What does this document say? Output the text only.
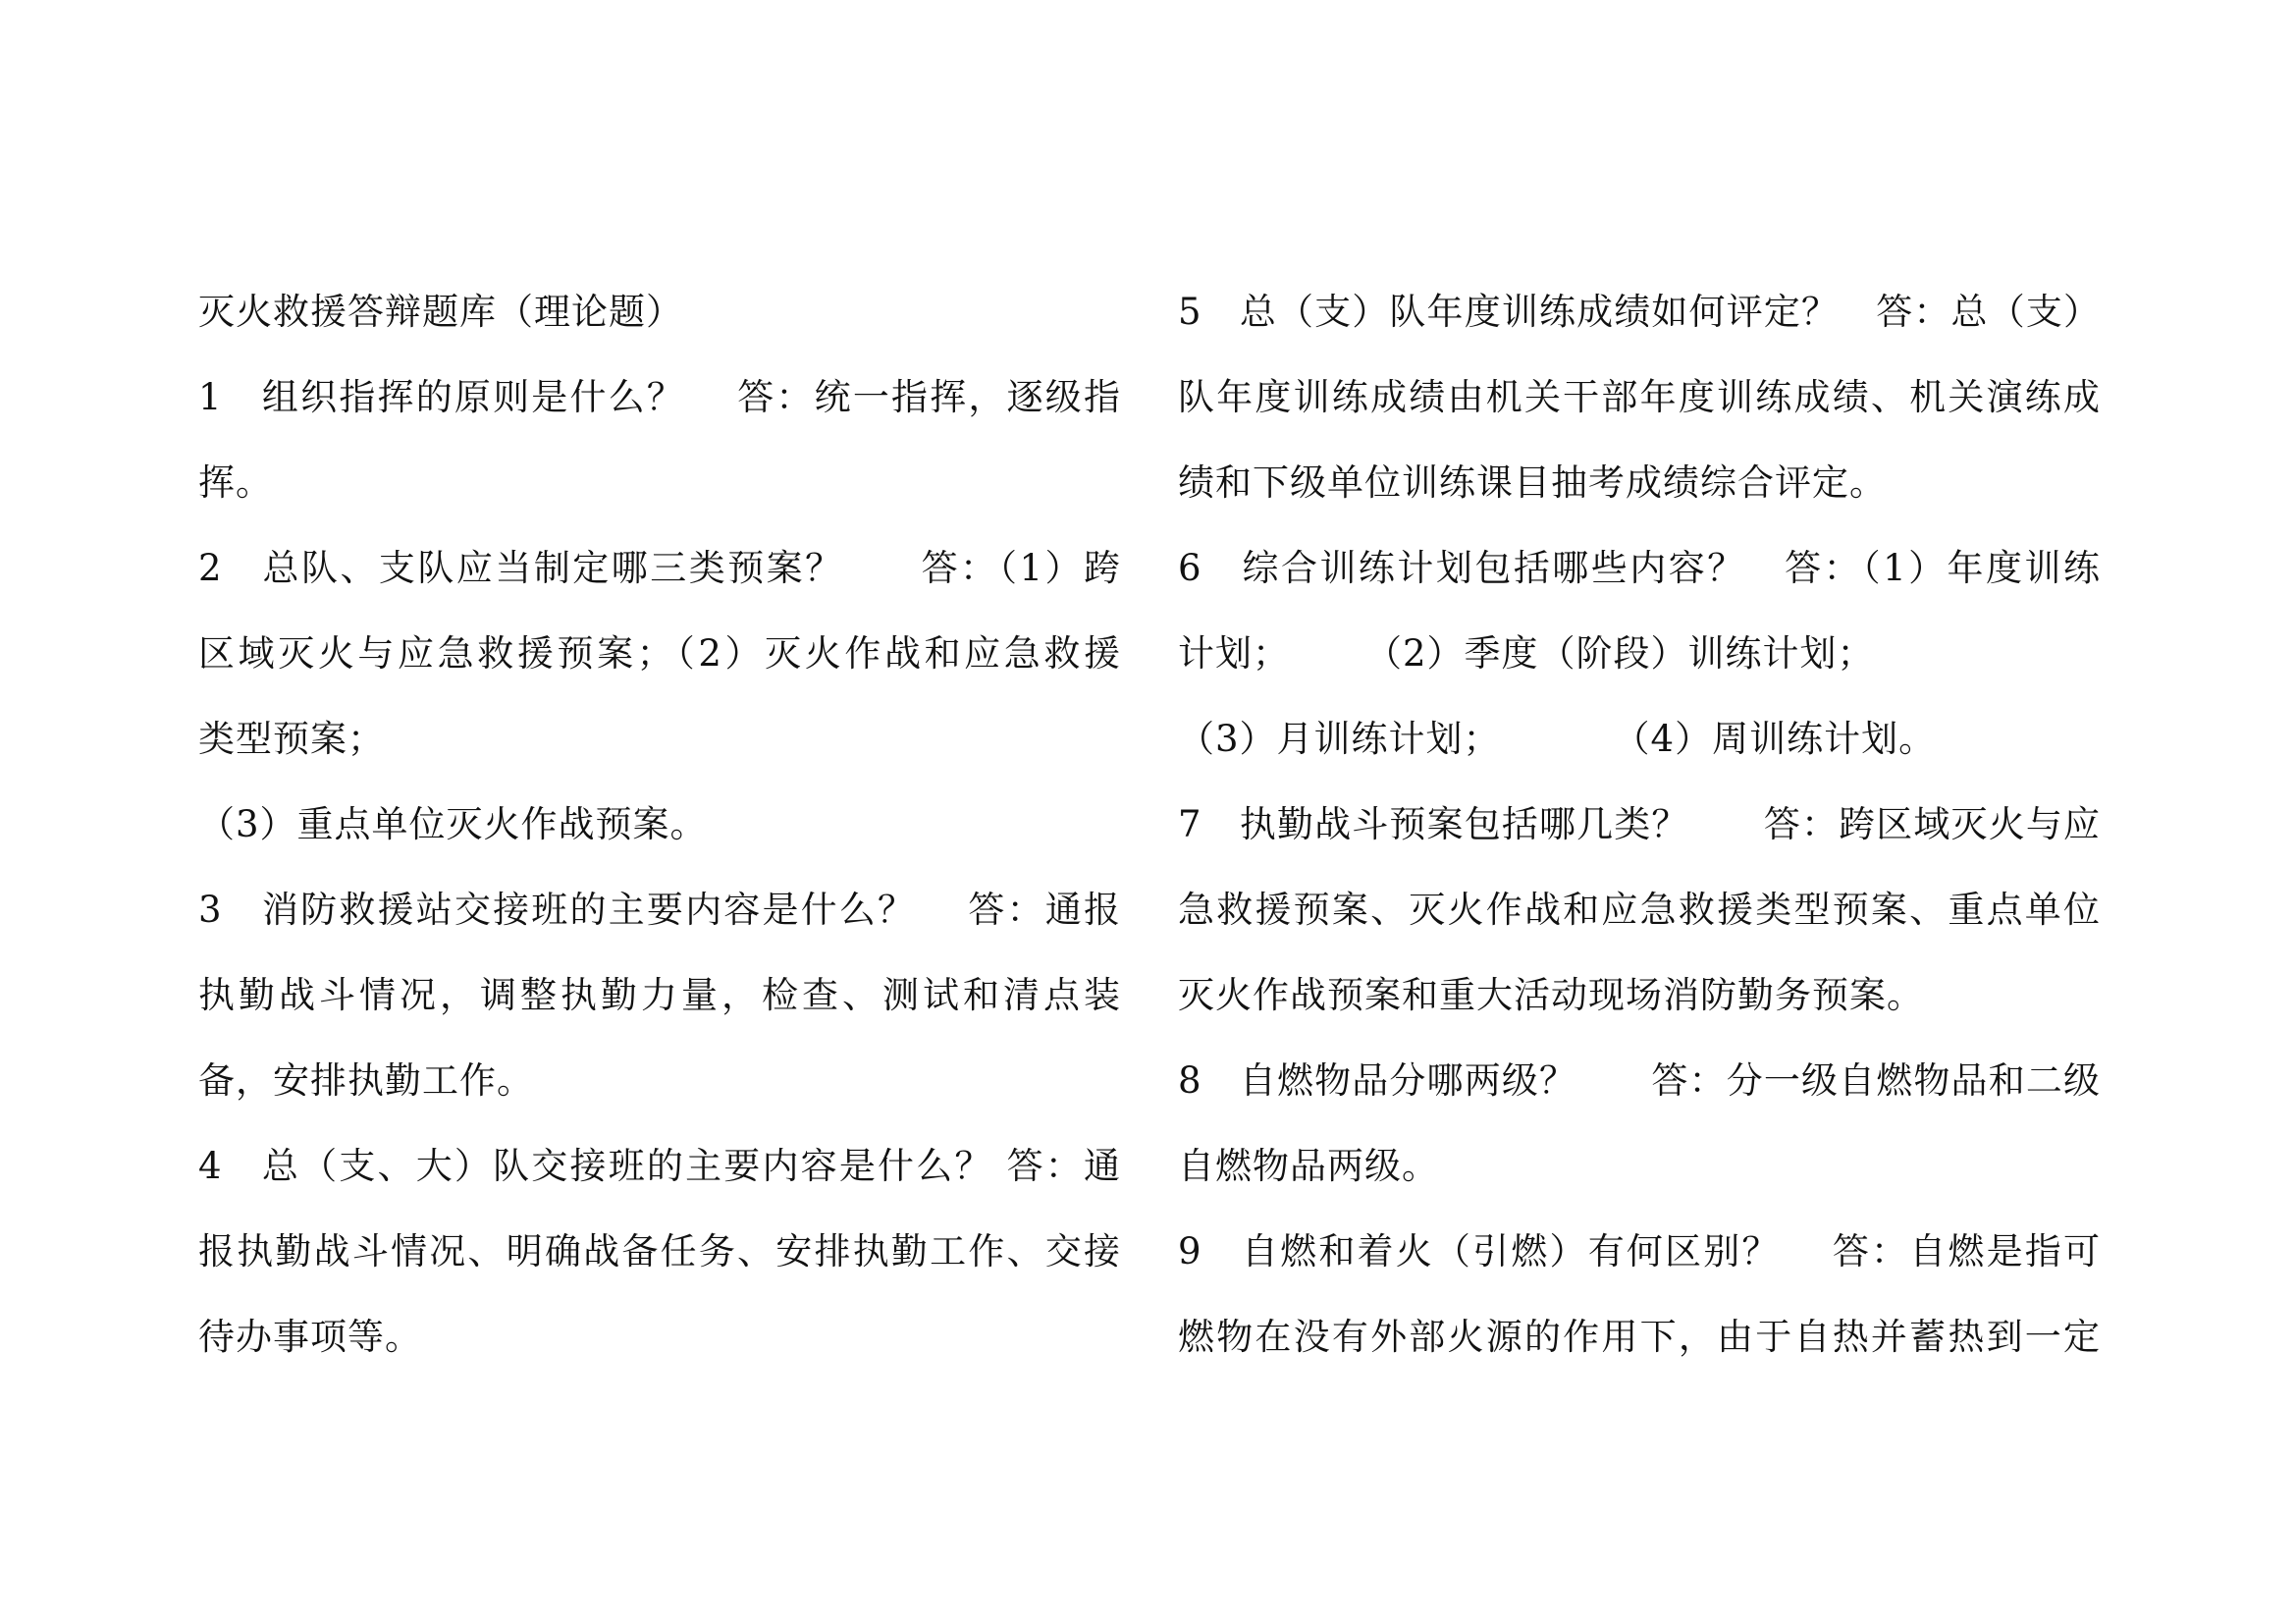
灭火救援答辩题库（理论题）
1　组织指挥的原则是什么？　 答：统一指挥，逐级指
挥。
2　总队、支队应当制定哪三类预案？　　答：（1）跨
区域灭火与应急救援预案；（2）灭火作战和应急救援
类型预案；
（3）重点单位灭火作战预案。
3　消防救援站交接班的主要内容是什么？　 答：通报
执勤战斗情况，调整执勤力量，检查、测试和清点装
备，安排执勤工作。
4　总（支、大）队交接班的主要内容是什么？ 答：通
报执勤战斗情况、明确战备任务、安排执勤工作、交接
待办事项等。
5　总（支）队年度训练成绩如何评定？　答：总（支）
队年度训练成绩由机关干部年度训练成绩、机关演练成
绩和下级单位训练课目抽考成绩综合评定。
6　综合训练计划包括哪些内容？　答：（1）年度训练
计划；　　　（2）季度（阶段）训练计划；
（3）月训练计划；　　　　（4）周训练计划。
7　执勤战斗预案包括哪几类？　　答：跨区域灭火与应
急救援预案、灭火作战和应急救援类型预案、重点单位
灭火作战预案和重大活动现场消防勤务预案。
8　自燃物品分哪两级？　　答：分一级自燃物品和二级
自燃物品两级。
9　自燃和着火（引燃）有何区别？　 答：自燃是指可
燃物在没有外部火源的作用下，由于自热并蓄热到一定
